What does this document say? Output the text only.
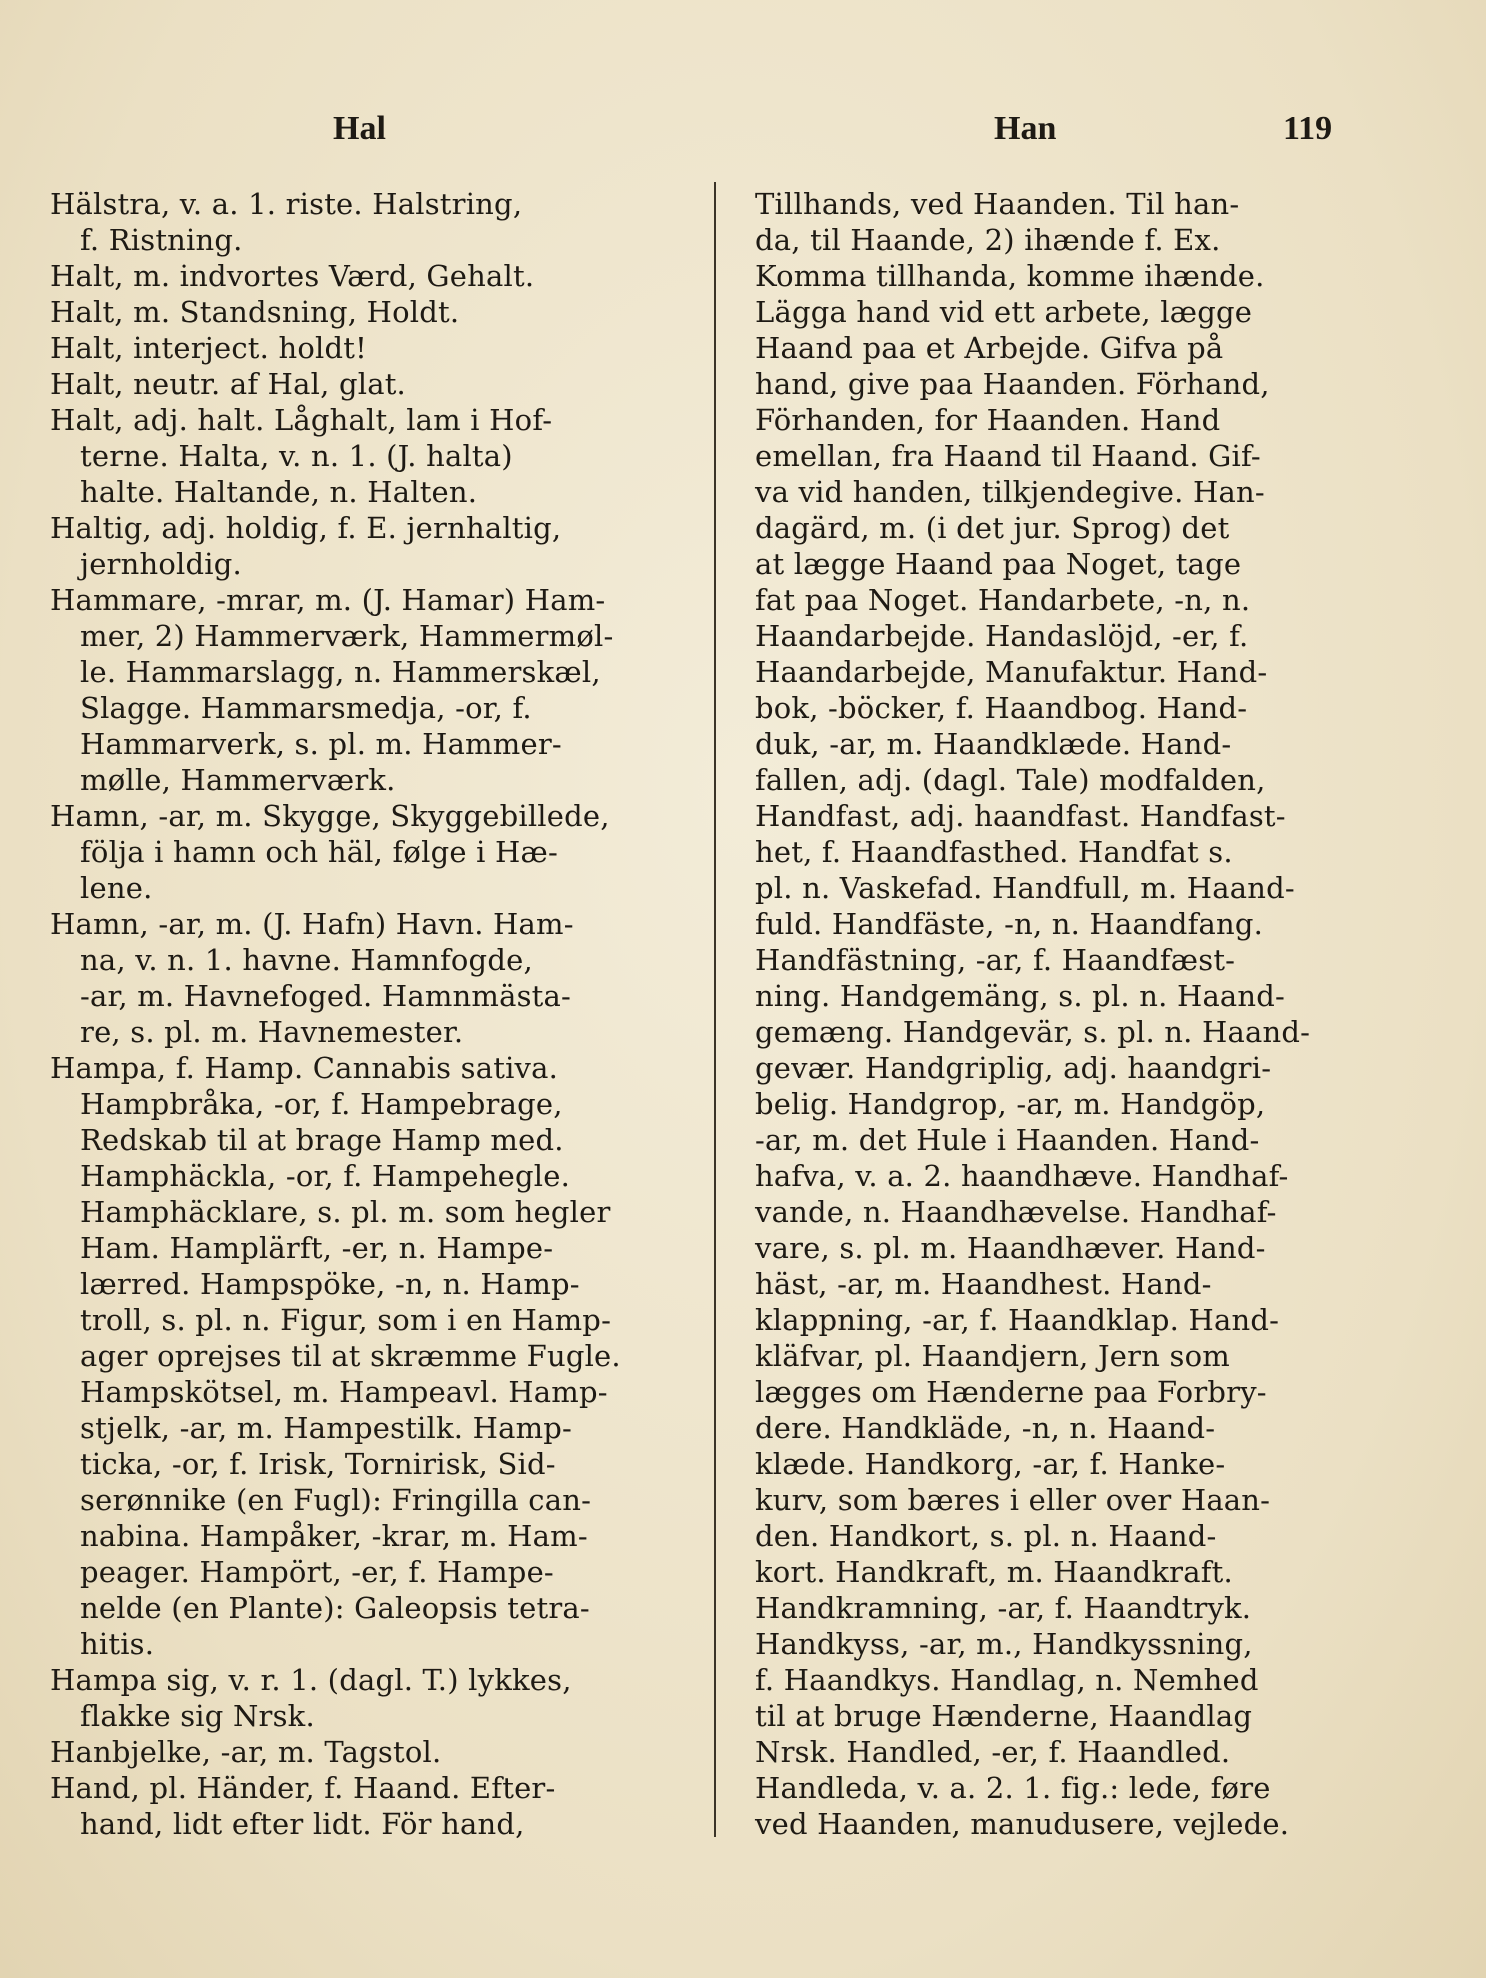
Hal	Han	119
Hälstra, v. a. 1. riste. Halstring,
f. Ristning.
Halt, m. indvortes Værd, Gehalt.
Halt, m. Standsning, Holdt.
Halt, interject. holdt!
Halt, neutr. af Hal, glat.
Halt, adj. halt. Låghalt, lam i Hof-
terne. Halta, v. n. 1. (J. halta)
halte. Haltande, n. Halten.
Haltig, adj. holdig, f. E. jernhaltig,
jernholdig.
Hammare, -mrar, m. (J. Hamar) Ham-
mer, 2) Hammerværk, Hammermøl-
le. Hammarslagg, n. Hammerskæl,
Slagge. Hammarsmedja, -or, f.
Hammarverk, s. pl. m. Hammer-
mølle, Hammerværk.
Hamn, -ar, m. Skygge, Skyggebillede,
följa i hamn och häl, følge i Hæ-
lene.
Hamn, -ar, m. (J. Hafn) Havn. Ham-
na, v. n. 1. havne. Hamnfogde,
-ar, m. Havnefoged. Hamnmästa-
re, s. pl. m. Havnemester.
Hampa, f. Hamp. Cannabis sativa.
Hampbråka, -or, f. Hampebrage,
Redskab til at brage Hamp med.
Hamphäckla, -or, f. Hampehegle.
Hamphäcklare, s. pl. m. som hegler
Ham. Hamplärft, -er, n. Hampe-
lærred. Hampspöke, -n, n. Hamp-
troll, s. pl. n. Figur, som i en Hamp-
ager oprejses til at skræmme Fugle.
Hampskötsel, m. Hampeavl. Hamp-
stjelk, -ar, m. Hampestilk. Hamp-
ticka, -or, f. Irisk, Tornirisk, Sid-
serønnike (en Fugl): Fringilla can-
nabina. Hampåker, -krar, m. Ham-
peager. Hampört, -er, f. Hampe-
nelde (en Plante): Galeopsis tetra-
hitis.
Hampa sig, v. r. 1. (dagl. T.) lykkes,
flakke sig Nrsk.
Hanbjelke, -ar, m. Tagstol.
Hand, pl. Händer, f. Haand. Efter-
hand, lidt efter lidt. För hand,
Tillhands, ved Haanden. Til han-
da, til Haande, 2) ihænde f. Ex.
Komma tillhanda, komme ihænde.
Lägga hand vid ett arbete, lægge
Haand paa et Arbejde. Gifva på
hand, give paa Haanden. Förhand,
Förhanden, for Haanden. Hand
emellan, fra Haand til Haand. Gif-
va vid handen, tilkjendegive. Han-
dagärd, m. (i det jur. Sprog) det
at lægge Haand paa Noget, tage
fat paa Noget. Handarbete, -n, n.
Haandarbejde. Handaslöjd, -er, f.
Haandarbejde, Manufaktur. Hand-
bok, -böcker, f. Haandbog. Hand-
duk, -ar, m. Haandklæde. Hand-
fallen, adj. (dagl. Tale) modfalden,
Handfast, adj. haandfast. Handfast-
het, f. Haandfasthed. Handfat s.
pl. n. Vaskefad. Handfull, m. Haand-
fuld. Handfäste, -n, n. Haandfang.
Handfästning, -ar, f. Haandfæst-
ning. Handgemäng, s. pl. n. Haand-
gemæng. Handgevär, s. pl. n. Haand-
gevær. Handgriplig, adj. haandgri-
belig. Handgrop, -ar, m. Handgöp,
-ar, m. det Hule i Haanden. Hand-
hafva, v. a. 2. haandhæve. Handhaf-
vande, n. Haandhævelse. Handhaf-
vare, s. pl. m. Haandhæver. Hand-
häst, -ar, m. Haandhest. Hand-
klappning, -ar, f. Haandklap. Hand-
kläfvar, pl. Haandjern, Jern som
lægges om Hænderne paa Forbry-
dere. Handkläde, -n, n. Haand-
klæde. Handkorg, -ar, f. Hanke-
kurv, som bæres i eller over Haan-
den. Handkort, s. pl. n. Haand-
kort. Handkraft, m. Haandkraft.
Handkramning, -ar, f. Haandtryk.
Handkyss, -ar, m., Handkyssning,
f. Haandkys. Handlag, n. Nemhed
til at bruge Hænderne, Haandlag
Nrsk. Handled, -er, f. Haandled.
Handleda, v. a. 2. 1. fig.: lede, føre
ved Haanden, manudusere, vejlede.
